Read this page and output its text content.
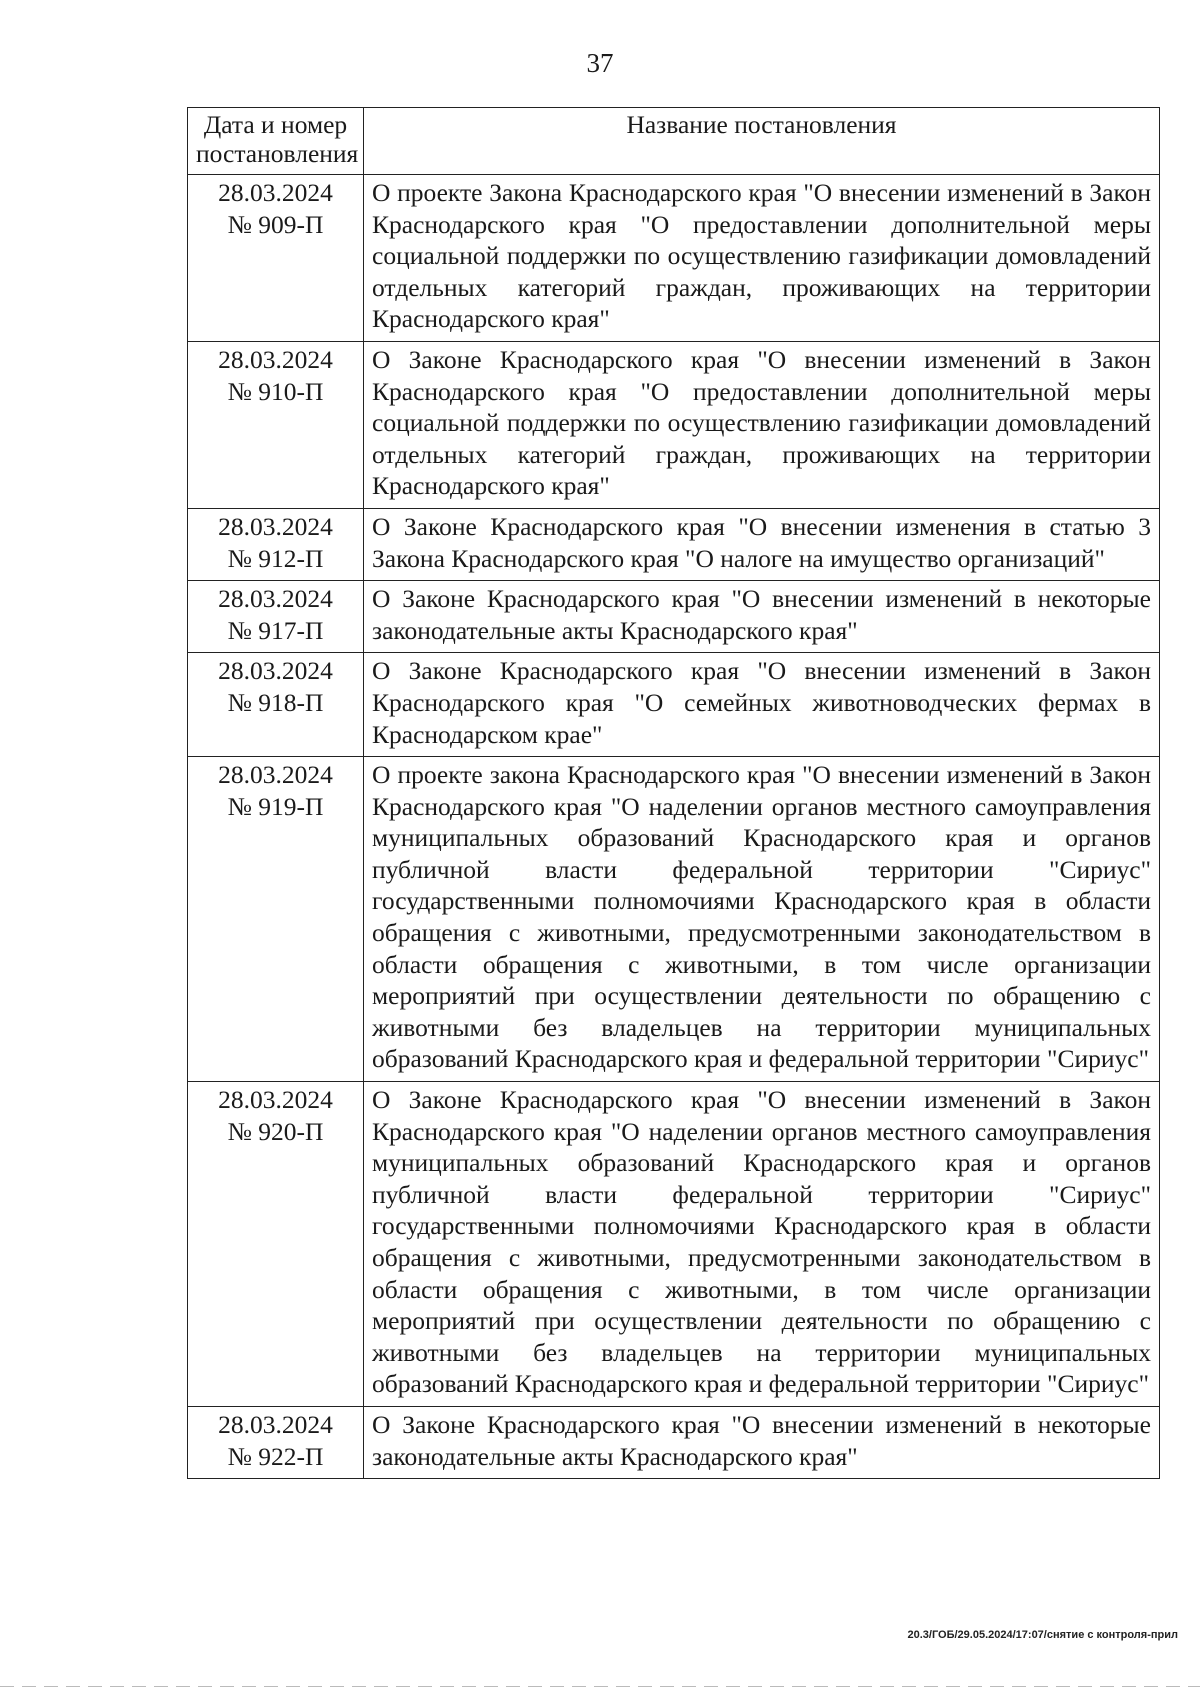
37
Дата и номер постановления	Название постановления

28.03.2024
№ 909-П	О проекте Закона Краснодарского края "О внесении изменений в Закон Краснодарского края "О предоставлении дополнительной меры социальной поддержки по осуществлению газификации домовладений отдельных категорий граждан, проживающих на территории Краснодарского края"

28.03.2024
№ 910-П	О Законе Краснодарского края "О внесении изменений в Закон Краснодарского края "О предоставлении дополнительной меры социальной поддержки по осуществлению газификации домовладений отдельных категорий граждан, проживающих на территории Краснодарского края"

28.03.2024
№ 912-П	О Законе Краснодарского края "О внесении изменения в статью 3 Закона Краснодарского края "О налоге на имущество организаций"

28.03.2024
№ 917-П	О Законе Краснодарского края "О внесении изменений в некоторые законодательные акты Краснодарского края"

28.03.2024
№ 918-П	О Законе Краснодарского края "О внесении изменений в Закон Краснодарского края "О семейных животноводческих фермах в Краснодарском крае"

28.03.2024
№ 919-П	О проекте закона Краснодарского края "О внесении изменений в Закон Краснодарского края "О наделении органов местного самоуправления муниципальных образований Краснодарского края и органов публичной власти федеральной территории "Сириус" государственными полномочиями Краснодарского края в области обращения с животными, предусмотренными законодательством в области обращения с животными, в том числе организации мероприятий при осуществлении деятельности по обращению с животными без владельцев на территории муниципальных образований Краснодарского края и федеральной территории "Сириус"

28.03.2024
№ 920-П	О Законе Краснодарского края "О внесении изменений в Закон Краснодарского края "О наделении органов местного самоуправления муниципальных образований Краснодарского края и органов публичной власти федеральной территории "Сириус" государственными полномочиями Краснодарского края в области обращения с животными, предусмотренными законодательством в области обращения с животными, в том числе организации мероприятий при осуществлении деятельности по обращению с животными без владельцев на территории муниципальных образований Краснодарского края и федеральной территории "Сириус"

28.03.2024
№ 922-П	О Законе Краснодарского края "О внесении изменений в некоторые законодательные акты Краснодарского края"
20.3/ГОБ/29.05.2024/17:07/снятие с контроля-прил
